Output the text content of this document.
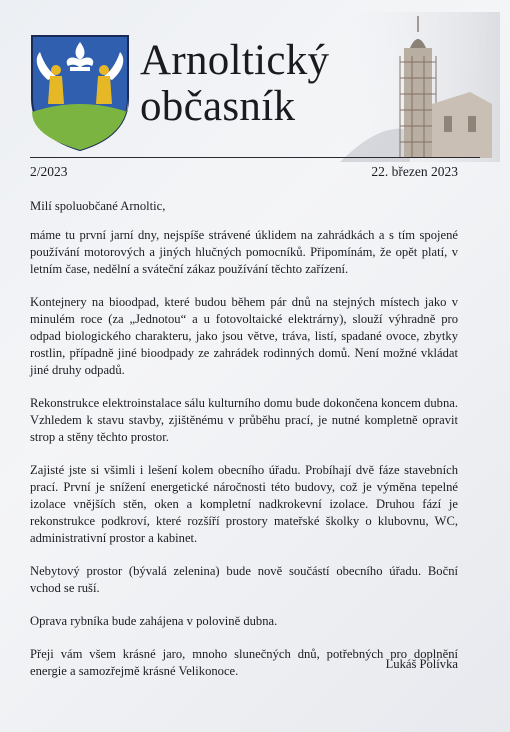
Arnoltický
občasník
2/2023	22. březen 2023

Milí spoluobčané Arnoltic,

máme tu první jarní dny, nejspíše strávené úklidem na zahrádkách a s tím spojené používání motorových a jiných hlučných pomocníků. Připomínám, že opět platí, v letním čase, nedělní a sváteční zákaz používání těchto zařízení.

Kontejnery na bioodpad, které budou během pár dnů na stejných místech jako v minulém roce (za „Jednotou“ a u fotovoltaické elektrárny), slouží výhradně pro odpad biologického charakteru, jako jsou větve, tráva, listí, spadané ovoce, zbytky rostlin, případně jiné bioodpady ze zahrádek rodinných domů. Není možné vkládat jiné druhy odpadů.

Rekonstrukce elektroinstalace sálu kulturního domu bude dokončena koncem dubna. Vzhledem k stavu stavby, zjištěnému v průběhu prací, je nutné kompletně opravit strop a stěny těchto prostor.

Zajisté jste si všimli i lešení kolem obecního úřadu. Probíhají dvě fáze stavebních prací. První je snížení energetické náročnosti této budovy, což je výměna tepelné izolace vnějších stěn, oken a kompletní nadkrokevní izolace. Druhou fází je rekonstrukce podkroví, které rozšíří prostory mateřské školky o klubovnu, WC, administrativní prostor a kabinet.

Nebytový prostor (bývalá zelenina) bude nově součástí obecního úřadu. Boční vchod se ruší.

Oprava rybníka bude zahájena v polovině dubna.

Přeji vám všem krásné jaro, mnoho slunečných dnů, potřebných pro doplnění energie a samozřejmě krásné Velikonoce.	Lukáš Polívka
